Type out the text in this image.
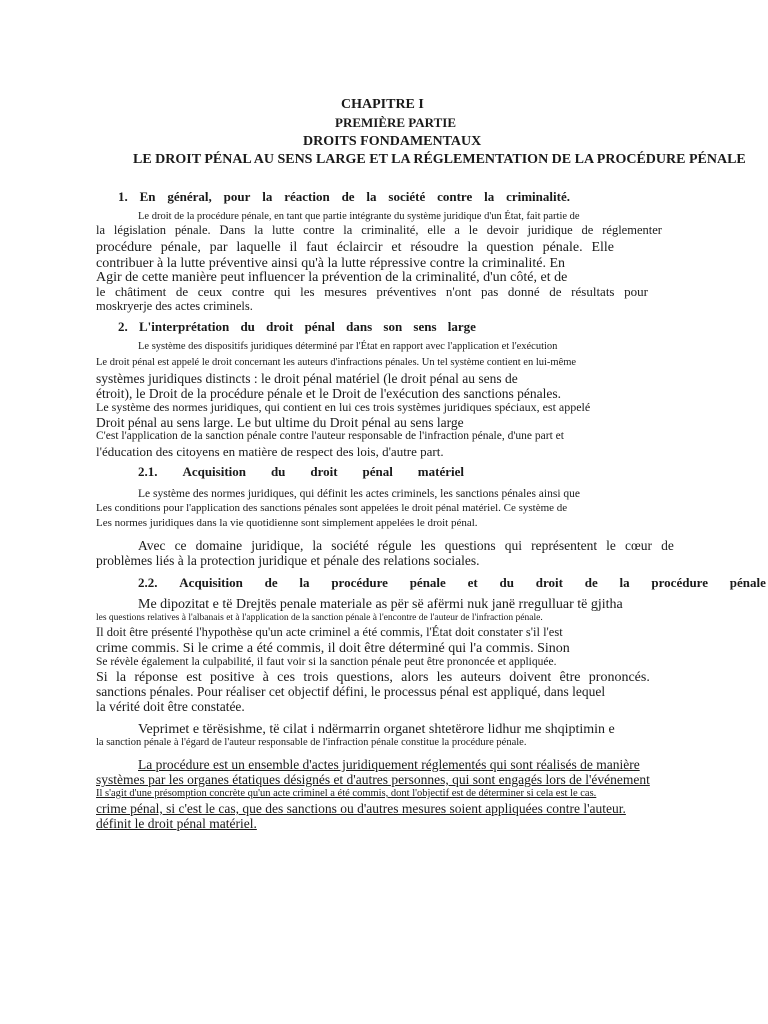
CHAPITRE I
PREMIÈRE PARTIE
DROITS FONDAMENTAUX
LE DROIT PÉNAL AU SENS LARGE ET LA RÉGLEMENTATION DE LA PROCÉDURE PÉNALE
1. En général, pour la réaction de la société contre la criminalité.
Le droit de la procédure pénale, en tant que partie intégrante du système juridique d'un État, fait partie de
la législation pénale. Dans la lutte contre la criminalité, elle a le devoir juridique de réglementer
procédure pénale, par laquelle il faut éclaircir et résoudre la question pénale. Elle
contribuer à la lutte préventive ainsi qu'à la lutte répressive contre la criminalité. En
Agir de cette manière peut influencer la prévention de la criminalité, d'un côté, et de
le châtiment de ceux contre qui les mesures préventives n'ont pas donné de résultats pour
moskryerje des actes criminels.
2. L'interprétation du droit pénal dans son sens large
Le système des dispositifs juridiques déterminé par l'État en rapport avec l'application et l'exécution
Le droit pénal est appelé le droit concernant les auteurs d'infractions pénales. Un tel système contient en lui-même
systèmes juridiques distincts : le droit pénal matériel (le droit pénal au sens de
étroit), le Droit de la procédure pénale et le Droit de l'exécution des sanctions pénales.
Le système des normes juridiques, qui contient en lui ces trois systèmes juridiques spéciaux, est appelé
Droit pénal au sens large. Le but ultime du Droit pénal au sens large
C'est l'application de la sanction pénale contre l'auteur responsable de l'infraction pénale, d'une part et
l'éducation des citoyens en matière de respect des lois, d'autre part.
2.1. Acquisition du droit pénal matériel
Le système des normes juridiques, qui définit les actes criminels, les sanctions pénales ainsi que
Les conditions pour l'application des sanctions pénales sont appelées le droit pénal matériel. Ce système de
Les normes juridiques dans la vie quotidienne sont simplement appelées le droit pénal.
Avec ce domaine juridique, la société régule les questions qui représentent le cœur de
problèmes liés à la protection juridique et pénale des relations sociales.
2.2. Acquisition de la procédure pénale et du droit de la procédure pénale
Me dipozitat e të Drejtës penale materiale as për së afërmi nuk janë rregulluar të gjitha
les questions relatives à l'albanais et à l'application de la sanction pénale à l'encontre de l'auteur de l'infraction pénale.
Il doit être présenté l'hypothèse qu'un acte criminel a été commis, l'État doit constater s'il l'est
crime commis. Si le crime a été commis, il doit être déterminé qui l'a commis. Sinon
Se révèle également la culpabilité, il faut voir si la sanction pénale peut être prononcée et appliquée.
Si la réponse est positive à ces trois questions, alors les auteurs doivent être prononcés.
sanctions pénales. Pour réaliser cet objectif défini, le processus pénal est appliqué, dans lequel
la vérité doit être constatée.
Veprimet e tërësishme, të cilat i ndërmarrin organet shtetërore lidhur me shqiptimin e
la sanction pénale à l'égard de l'auteur responsable de l'infraction pénale constitue la procédure pénale.
La procédure est un ensemble d'actes juridiquement réglementés qui sont réalisés de manière
systèmes par les organes étatiques désignés et d'autres personnes, qui sont engagés lors de l'événement
Il s'agit d'une présomption concrète qu'un acte criminel a été commis, dont l'objectif est de déterminer si cela est le cas.
crime pénal, si c'est le cas, que des sanctions ou d'autres mesures soient appliquées contre l'auteur.
définit le droit pénal matériel.
